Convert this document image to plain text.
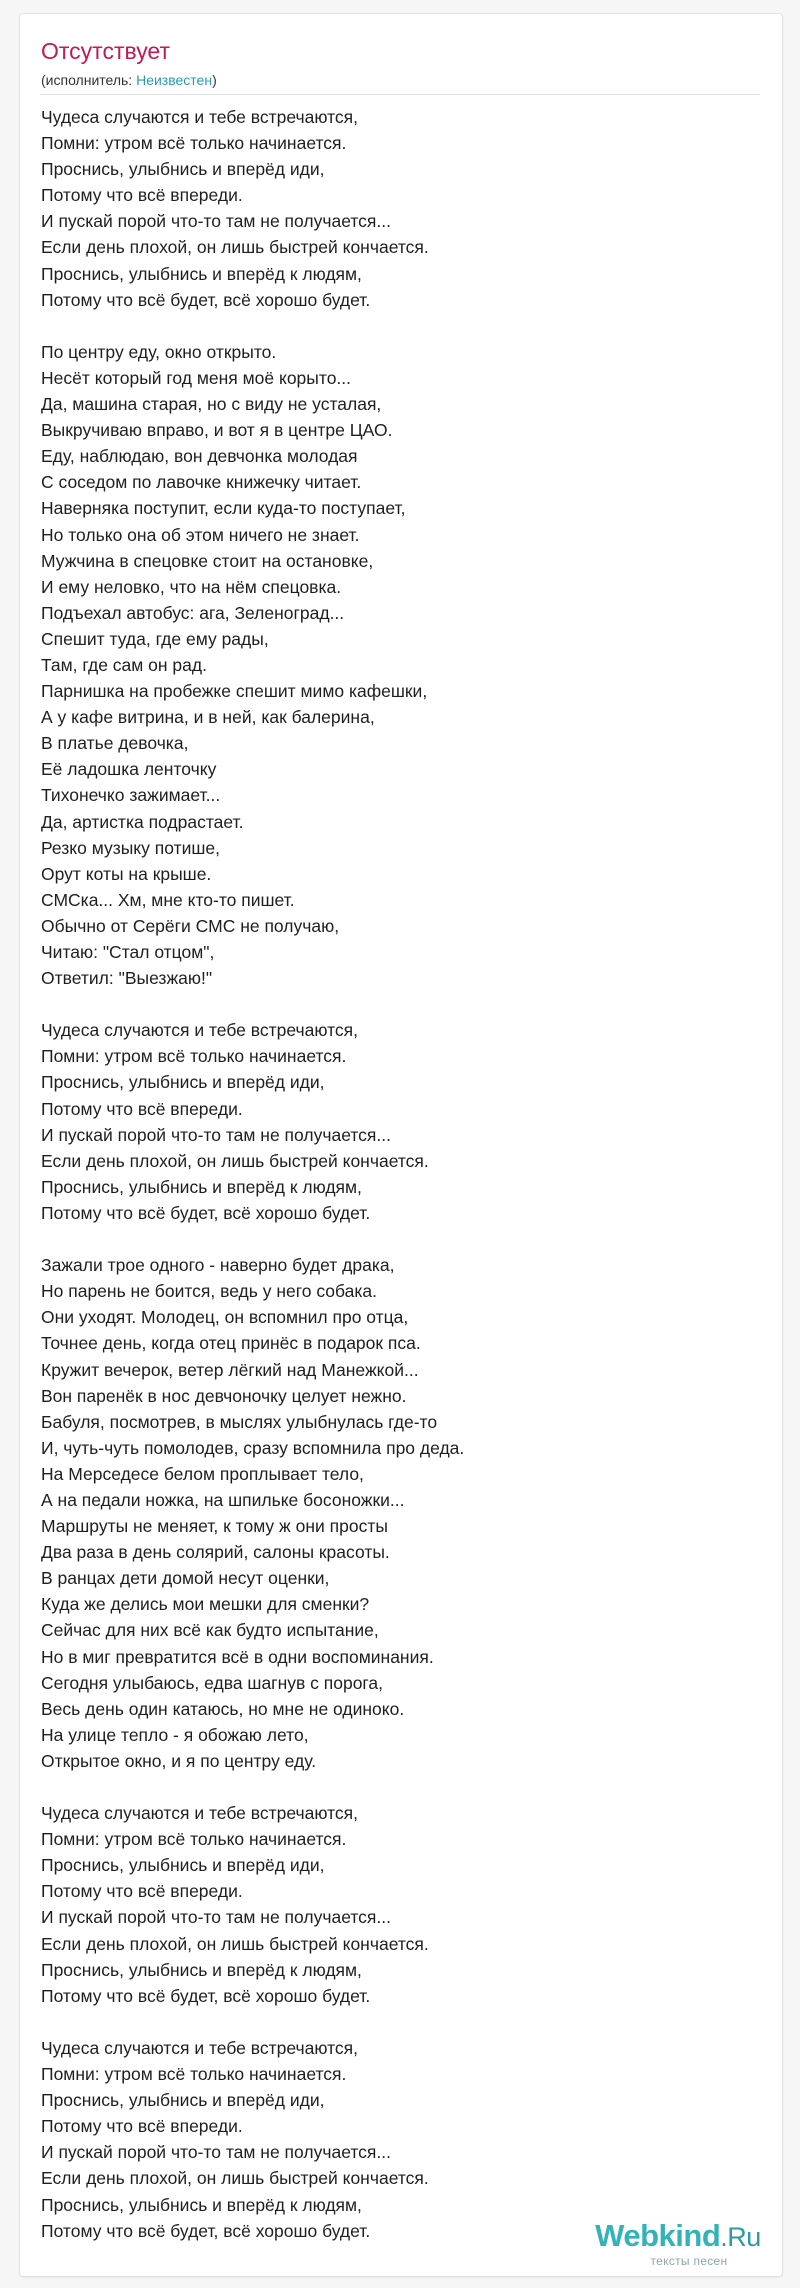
Отсутствует
(исполнитель: Неизвестен)
Чудеса случаются и тебе встречаются,
Помни: утром всё только начинается.
Проснись, улыбнись и вперёд иди,
Потому что всё впереди.
И пускай порой что-то там не получается...
Если день плохой, он лишь быстрей кончается.
Проснись, улыбнись и вперёд к людям,
Потому что всё будет, всё хорошо будет.
По центру еду, окно открыто.
Несёт который год меня моё корыто...
Да, машина старая, но с виду не усталая,
Выкручиваю вправо, и вот я в центре ЦАО.
Еду, наблюдаю, вон девчонка молодая
С соседом по лавочке книжечку читает.
Наверняка поступит, если куда-то поступает,
Но только она об этом ничего не знает.
Мужчина в спецовке стоит на остановке,
И ему неловко, что на нём спецовка.
Подъехал автобус: ага, Зеленоград...
Спешит туда, где ему рады,
Там, где сам он рад.
Парнишка на пробежке спешит мимо кафешки,
А у кафе витрина, и в ней, как балерина,
В платье девочка,
Её ладошка ленточку
Тихонечко зажимает...
Да, артистка подрастает.
Резко музыку потише,
Орут коты на крыше.
СМСка... Хм, мне кто-то пишет.
Обычно от Серёги СМС не получаю,
Читаю: "Стал отцом",
Ответил: "Выезжаю!"
Чудеса случаются и тебе встречаются,
Помни: утром всё только начинается.
Проснись, улыбнись и вперёд иди,
Потому что всё впереди.
И пускай порой что-то там не получается...
Если день плохой, он лишь быстрей кончается.
Проснись, улыбнись и вперёд к людям,
Потому что всё будет, всё хорошо будет.
Зажали трое одного - наверно будет драка,
Но парень не боится, ведь у него собака.
Они уходят. Молодец, он вспомнил про отца,
Точнее день, когда отец принёс в подарок пса.
Кружит вечерок, ветер лёгкий над Манежкой...
Вон паренёк в нос девчоночку целует нежно.
Бабуля, посмотрев, в мыслях улыбнулась где-то
И, чуть-чуть помолодев, сразу вспомнила про деда.
На Мерседесе белом проплывает тело,
А на педали ножка, на шпильке босоножки...
Маршруты не меняет, к тому ж они просты
Два раза в день солярий, салоны красоты.
В ранцах дети домой несут оценки,
Куда же делись мои мешки для сменки?
Сейчас для них всё как будто испытание,
Но в миг превратится всё в одни воспоминания.
Сегодня улыбаюсь, едва шагнув с порога,
Весь день один катаюсь, но мне не одиноко.
На улице тепло - я обожаю лето,
Открытое окно, и я по центру еду.
Чудеса случаются и тебе встречаются,
Помни: утром всё только начинается.
Проснись, улыбнись и вперёд иди,
Потому что всё впереди.
И пускай порой что-то там не получается...
Если день плохой, он лишь быстрей кончается.
Проснись, улыбнись и вперёд к людям,
Потому что всё будет, всё хорошо будет.
Чудеса случаются и тебе встречаются,
Помни: утром всё только начинается.
Проснись, улыбнись и вперёд иди,
Потому что всё впереди.
И пускай порой что-то там не получается...
Если день плохой, он лишь быстрей кончается.
Проснись, улыбнись и вперёд к людям,
Потому что всё будет, всё хорошо будет.	Webkind.Ru
тексты песен
